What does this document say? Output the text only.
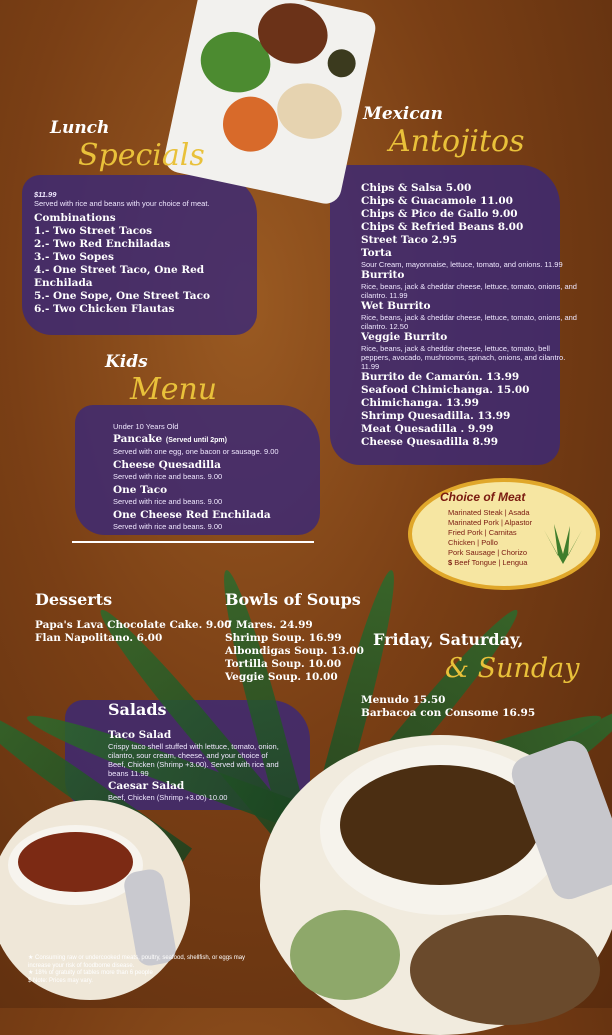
Lunch
Specials
$11.99
Served with rice and beans with your choice of meat.
Combinations
1.- Two Street Tacos
2.- Two Red Enchiladas
3.- Two Sopes
4.- One Street Taco, One Red Enchilada
5.- One Sope, One Street Taco
6.- Two Chicken Flautas
Kids
Menu
Under 10 Years Old
Pancake (Served until 2pm)
Served with one egg, one bacon or sausage. 9.00
Cheese Quesadilla
Served with rice and beans. 9.00
One Taco
Served with rice and beans. 9.00
One Cheese Red Enchilada
Served with rice and beans. 9.00
Mexican
Antojitos
Chips & Salsa 5.00
Chips & Guacamole 11.00
Chips & Pico de Gallo 9.00
Chips & Refried Beans 8.00
Street Taco 2.95
Torta
Sour Cream, mayonnaise, lettuce, tomato, and onions. 11.99
Burrito
Rice, beans, jack & cheddar cheese, lettuce, tomato, onions, and cilantro. 11.99
Wet Burrito
Rice, beans, jack & cheddar cheese, lettuce, tomato, onions, and cilantro. 12.50
Veggie Burrito
Rice, beans, jack & cheddar cheese, lettuce, tomato, bell peppers, avocado, mushrooms, spinach, onions, and cilantro. 11.99
Burrito de Camarón. 13.99
Seafood Chimichanga. 15.00
Chimichanga. 13.99
Shrimp Quesadilla. 13.99
Meat Quesadilla . 9.99
Cheese Quesadilla 8.99
Choice of Meat
Marinated Steak | Asada
Marinated Pork | Alpastor
Fried Pork | Carnitas
Chicken | Pollo
Pork Sausage | Chorizo
$ Beef Tongue | Lengua
Desserts
Papa's Lava Chocolate Cake. 9.00
Flan Napolitano. 6.00
Bowls of Soups
7 Mares. 24.99
Shrimp Soup. 16.99
Albondigas Soup. 13.00
Tortilla Soup. 10.00
Veggie Soup. 10.00
Friday, Saturday,
& Sunday
Menudo 15.50
Barbacoa con Consome 16.95
Salads
Taco Salad
Crispy taco shell stuffed with lettuce, tomato, onion, cilantro, sour cream, cheese, and your choice of Beef, Chicken (Shrimp +3.00). Served with rice and beans 11.99
Caesar Salad
Beef, Chicken (Shrimp +3.00) 10.00
★ Consuming raw or undercooked meats, poultry, seafood, shellfish, or eggs may increase your risk of foodborne disease.
★ 18% of gratuity of tables more than 6 people
$ Note: Prices may vary.
